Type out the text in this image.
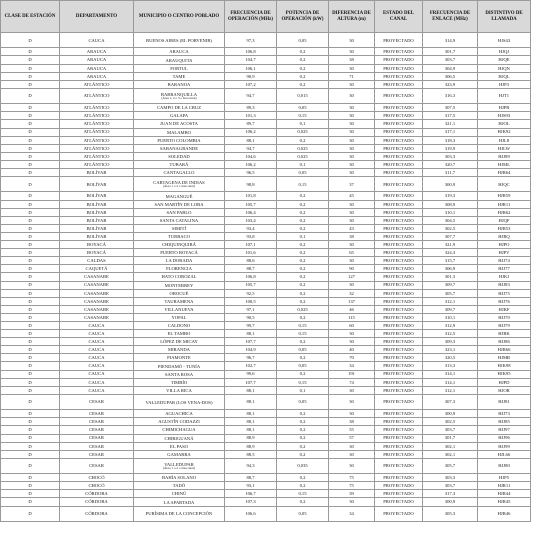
CLASE DE ESTACIÓN	DEPARTAMENTO	MUNICIPIO O CENTRO POBLADO	FRECUENCIA DE OPERACIÓN (MHz)	POTENCIA DE OPERACIÓN (kW)	DIFERENCIA DE ALTURA (m)	ESTADO DEL CANAL	FRECUENCIA DE ENLACE (MHz)	DISTINTIVO DE LLAMADA
D	CAUCA	BUENOS AIRES (EL PORVENIR)	97,3	0,05	30	PROYECTADO	314,9	HJS43
D	ARAUCA	ARAUCA	106,8	0,2	30	PROYECTADO	301,7	HJQJ
D	ARAUCA	ARAUQUITA	104,7	0,2	38	PROYECTADO	303,7	HJQE
D	ARAUCA	FORTUL	106,1	0,2	30	PROYECTADO	304,9	HJQN
D	ARAUCA	TAME	90,9	0,2	71	PROYECTADO	306,5	HJQL
D	ATLÁNTICO	BARANOA	107,2	0,2	30	PROYECTADO	323,9	HJP3
D	ATLÁNTICO	BARRANQUILLA
(Área 1, 2 o 3 o área rural)	94,7	0,015	30	PROYECTADO	316,3	HJT1
D	ATLÁNTICO	CAMPO DE LA CRUZ	89,3	0,05	30	PROYECTADO	307,5	HJPR
D	ATLÁNTICO	GALAPA	101,3	0,15	30	PROYECTADO	317,5	HJS93
D	ATLÁNTICO	JUAN DE ACOSTA	89,7	0,1	30	PROYECTADO	321,1	HJOL
D	ATLÁNTICO	MALAMBO	106,2	0,025	30	PROYECTADO	317,1	HJK92
D	ATLÁNTICO	PUERTO COLOMBIA	88,1	0,2	30	PROYECTADO	318,3	HJL8
D	ATLÁNTICO	SABANAGRANDE	94,7	0,025	30	PROYECTADO	319,9	HJLW
D	ATLÁNTICO	SOLEDAD	104,6	0,025	30	PROYECTADO	303,3	HJJ89
D	ATLÁNTICO	TUBARÁ	106,2	0,1	30	PROYECTADO	320,7	HJML
D	BOLÍVAR	CANTAGALLO	96,5	0,05	30	PROYECTADO	311,7	HJR64
D	BOLÍVAR	CARTAGENA DE INDIAS
(Área 1 o 2 o área rural)	98,8	0,15	37	PROYECTADO	300,9	HJQC
D	BOLÍVAR	MAGANGUÉ	101,8	0,2	45	PROYECTADO	319,3	HJR59
D	BOLÍVAR	SAN MARTÍN DE LOBA	105,7	0,2	30	PROYECTADO	308,9	HJR11
D	BOLÍVAR	SAN PABLO	106,4	0,2	30	PROYECTADO	310,1	HJR62
D	BOLÍVAR	SANTA CATALINA	103,4	0,2	30	PROYECTADO	304,5	HJQF
D	BOLÍVAR	SIMITÍ	93,4	0,2	43	PROYECTADO	302,5	HJR53
D	BOLÍVAR	TURBACO	93,8	0,1	38	PROYECTADO	307,7	HJRQ
D	BOYACÁ	CHIQUINQUIRÁ	107,1	0,2	30	PROYECTADO	321,9	HJPO
D	BOYACÁ	PUERTO BOYACÁ	101,6	0,2	65	PROYECTADO	324,3	HJPV
D	CALDAS	LA DORADA	88,6	0,2	30	PROYECTADO	315,7	HJJ74
D	CAQUETÁ	FLORENCIA	88,7	0,2	90	PROYECTADO	306,9	HJJ77
D	CASANARE	HATO COROZAL	106,8	0,2	127	PROYECTADO	301,3	HJKJ
D	CASANARE	MONTERREY	105,7	0,2	30	PROYECTADO	309,7	HJJ83
D	CASANARE	OROCUÉ	92,5	0,2	32	PROYECTADO	305,7	HJJ75
D	CASANARE	TAURAMENA	100,5	0,2	137	PROYECTADO	312,1	HJJ76
D	CASANARE	VILLANUEVA	97,1	0,025	46	PROYECTADO	309,7	HJKF
D	CASANARE	YOPAL	90,5	0,2	115	PROYECTADO	310,1	HJJ70
D	CAUCA	CALDONO	99,7	0,15	60	PROYECTADO	312,9	HJJ79
D	CAUCA	EL TAMBO	88,1	0,15	30	PROYECTADO	312,5	HJRK
D	CAUCA	LÓPEZ DE MICAY	107,7	0,2	30	PROYECTADO	309,3	HJJ86
D	CAUCA	MIRANDA	104,9	0,05	40	PROYECTADO	323,1	HJR66
D	CAUCA	PIAMONTE	96,7	0,2	70	PROYECTADO	320,5	HJMR
D	CAUCA	PIENDAMÓ - TUNÍA	102,7	0,05	34	PROYECTADO	313,3	HJK98
D	CAUCA	SANTA ROSA	99,6	0,2	191	PROYECTADO	314,1	HJK95
D	CAUCA	TIMBÍO	107,7	0,15	74	PROYECTADO	314,1	HJPD
D	CAUCA	VILLA RICA	88,1	0,1	30	PROYECTADO	312,1	HJOR
D	CESAR	VALLEDUPAR (LOS VENA-DOS)	88,1	0,05	30	PROYECTADO	307,3	HJJ81
D	CESAR	AGUACHICA	88,1	0,2	30	PROYECTADO	300,9	HJJ73
D	CESAR	AGUSTÍN CODAZZI	88,1	0,2	38	PROYECTADO	302,5	HJJ85
D	CESAR	CHIMICHAGUA	88,1	0,2	55	PROYECTADO	303,7	HJJ97
D	CESAR	CHIRIGUANÁ	88,9	0,2	57	PROYECTADO	301,7	HJJ96
D	CESAR	EL PASO	88,9	0,2	30	PROYECTADO	302,1	HJJ99
D	CESAR	GAMARRA	88,5	0,2	30	PROYECTADO	302,1	HJL66
D	CESAR	VALLEDUPAR
(Área 1 o 2 o área rural)	94,3	0,035	30	PROYECTADO	305,7	HJJ80
D	CHOCÓ	BAHÍA SOLANO	88,7	0,2	75	PROYECTADO	303,3	HJP5
D	CHOCÓ	TADÓ	93,1	0,2	75	PROYECTADO	303,7	HJR11
D	CÓRDOBA	CHINÚ	106,7	0,15	39	PROYECTADO	317,3	HJR44
D	CÓRDOBA	LA APARTADA	107,3	0,2	30	PROYECTADO	300,9	HJR45
D	CÓRDOBA	PURÍSIMA DE LA CONCEPCIÓN	106,6	0,05	34	PROYECTADO	305,3	HJR46
